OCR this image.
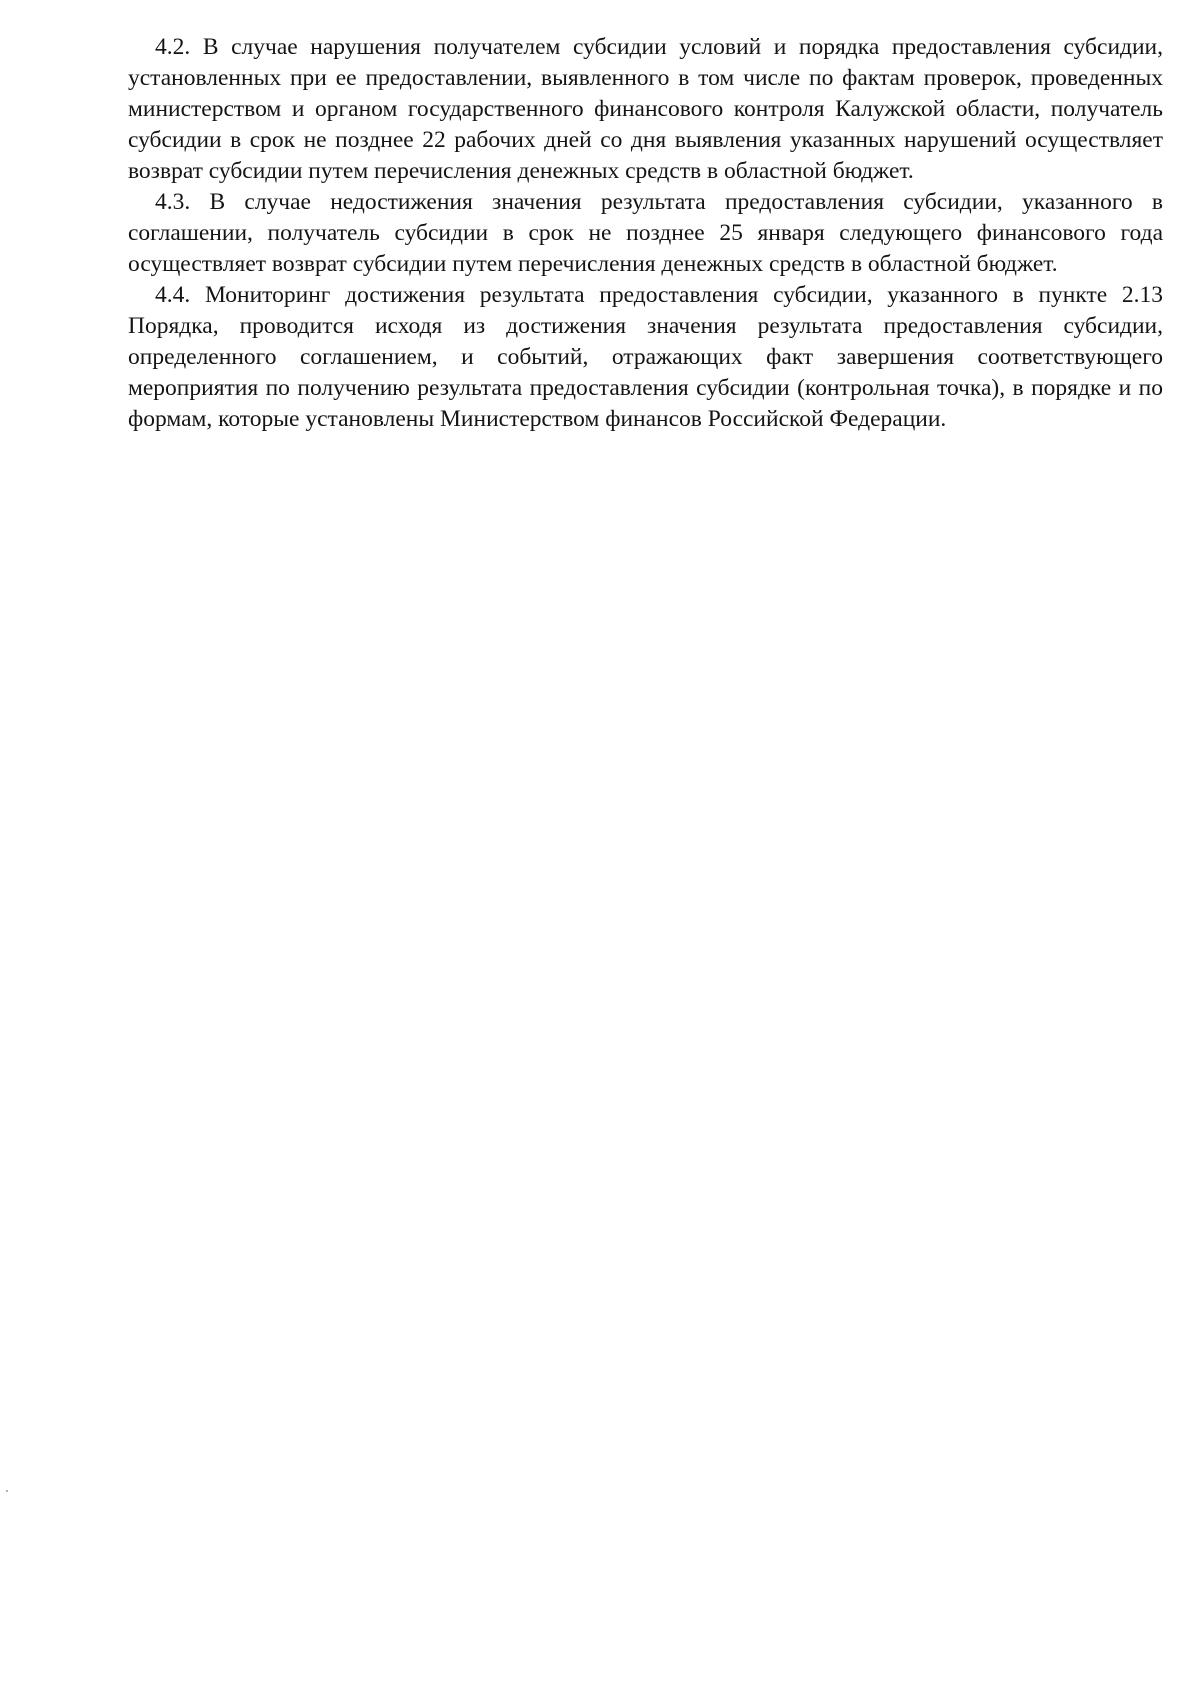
4.2. В случае нарушения получателем субсидии условий и порядка предоставления субсидии, установленных при ее предоставлении, выявленного в том числе по фактам проверок, проведенных министерством и органом государственного финансового контроля Калужской области, получатель субсидии в срок не позднее 22 рабочих дней со дня выявления указанных нарушений осуществляет возврат субсидии путем перечисления денежных средств в областной бюджет.

4.3. В случае недостижения значения результата предоставления субсидии, указанного в соглашении, получатель субсидии в срок не позднее 25 января следующего финансового года осуществляет возврат субсидии путем перечисления денежных средств в областной бюджет.

4.4. Мониторинг достижения результата предоставления субсидии, указанного в пункте 2.13 Порядка, проводится исходя из достижения значения результата предоставления субсидии, определенного соглашением, и событий, отражающих факт завершения соответствующего мероприятия по получению результата предоставления субсидии (контрольная точка), в порядке и по формам, которые установлены Министерством финансов Российской Федерации.
